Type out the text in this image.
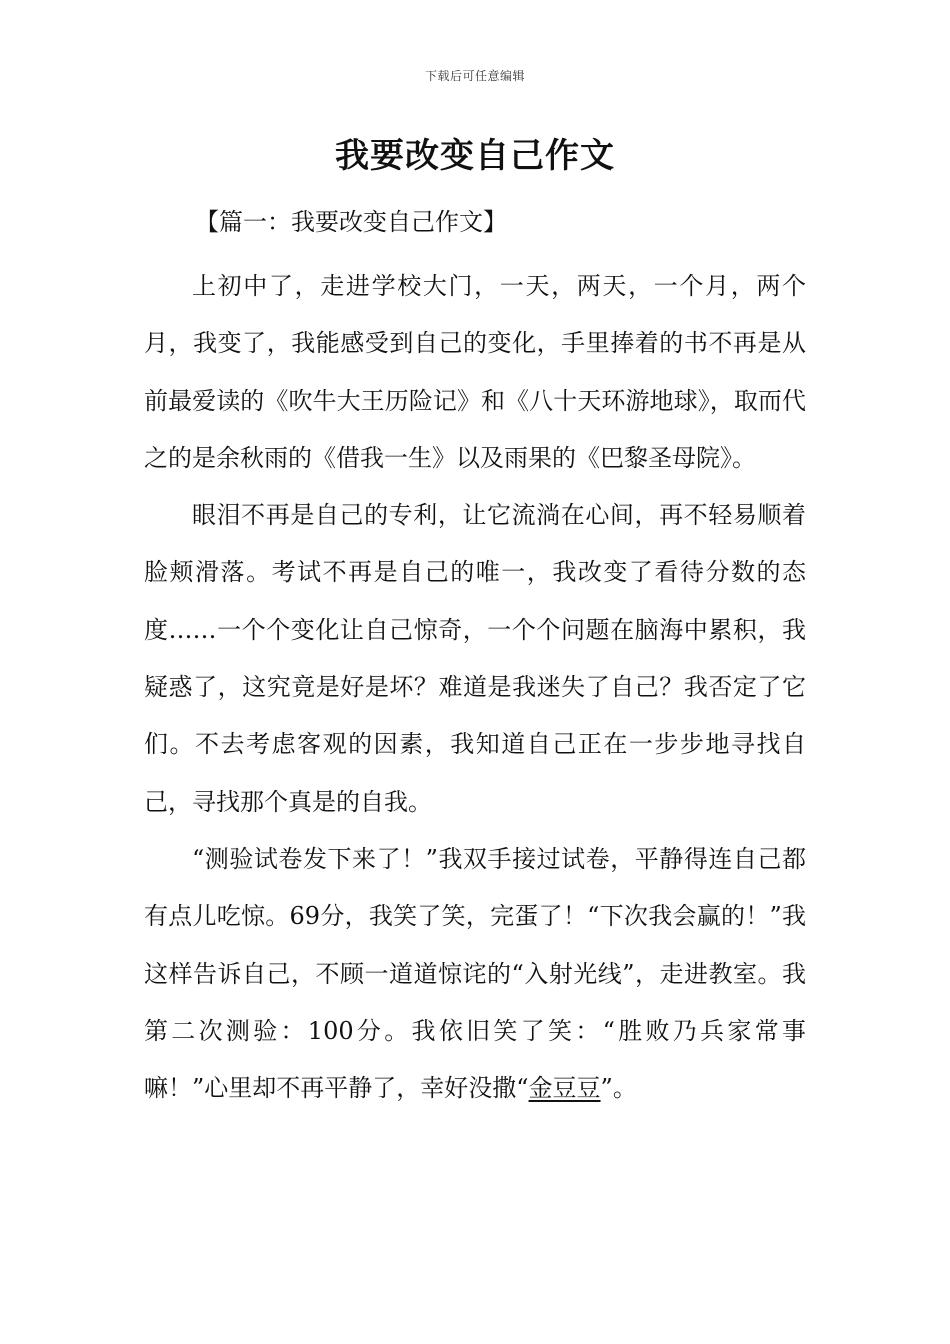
下载后可任意编辑
我要改变自己作文

【篇一：我要改变自己作文】

上初中了，走进学校大门，一天，两天，一个月，两个月，我变了，我能感受到自己的变化，手里捧着的书不再是从前最爱读的《吹牛大王历险记》和《八十天环游地球》，取而代之的是余秋雨的《借我一生》以及雨果的《巴黎圣母院》。

眼泪不再是自己的专利，让它流淌在心间，再不轻易顺着脸颊滑落。考试不再是自己的唯一，我改变了看待分数的态度……一个个变化让自己惊奇，一个个问题在脑海中累积，我疑惑了，这究竟是好是坏？难道是我迷失了自己？我否定了它们。不去考虑客观的因素，我知道自己正在一步步地寻找自己，寻找那个真是的自我。

“测验试卷发下来了！”我双手接过试卷，平静得连自己都有点儿吃惊。69分，我笑了笑，完蛋了！“下次我会赢的！”我这样告诉自己，不顾一道道惊诧的“入射光线”，走进教室。我第二次测验：100分。我依旧笑了笑：“胜败乃兵家常事嘛！”心里却不再平静了，幸好没撒“金豆豆”。
